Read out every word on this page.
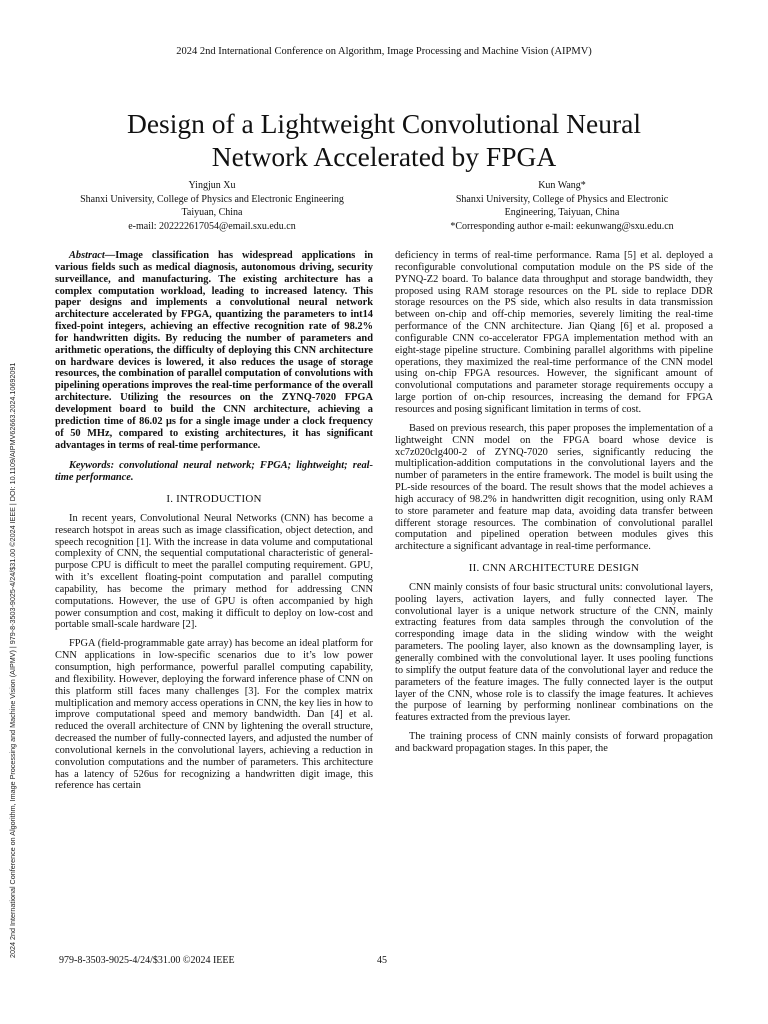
2024 2nd International Conference on Algorithm, Image Processing and Machine Vision (AIPMV)
Design of a Lightweight Convolutional Neural
Network Accelerated by FPGA
Yingjun Xu
Shanxi University, College of Physics and Electronic Engineering
Taiyuan, China
e-mail: 202222617054@email.sxu.edu.cn
Kun Wang*
Shanxi University, College of Physics and Electronic
Engineering, Taiyuan, China
*Corresponding author e-mail: eekunwang@sxu.edu.cn
2024 2nd International Conference on Algorithm, Image Processing and Machine Vision (AIPMV) | 979-8-3503-9025-4/24/$31.00 ©2024 IEEE | DOI: 10.1109/AIPMV62663.2024.10692091

Abstract—Image classification has widespread applications in various fields such as medical diagnosis, autonomous driving, security surveillance, and manufacturing. The existing architecture has a complex computation workload, leading to increased latency. This paper designs and implements a convolutional neural network architecture accelerated by FPGA, quantizing the parameters to int14 fixed-point integers, achieving an effective recognition rate of 98.2% for handwritten digits. By reducing the number of parameters and arithmetic operations, the difficulty of deploying this CNN architecture on hardware devices is lowered, it also reduces the usage of storage resources, the combination of parallel computation of convolutions with pipelining operations improves the real-time performance of the overall architecture. Utilizing the resources on the ZYNQ-7020 FPGA development board to build the CNN architecture, achieving a prediction time of 86.02 μs for a single image under a clock frequency of 50 MHz, compared to existing architectures, it has significant advantages in terms of real-time performance.

Keywords: convolutional neural network; FPGA; lightweight; real-time performance.

I. INTRODUCTION

In recent years, Convolutional Neural Networks (CNN) has become a research hotspot in areas such as image classification, object detection, and speech recognition [1]. With the increase in data volume and computational complexity of CNN, the sequential computational characteristic of general-purpose CPU is difficult to meet the parallel computing requirement. GPU, with it’s excellent floating-point computation and parallel computing capability, has become the primary method for addressing CNN computations. However, the use of GPU is often accompanied by high power consumption and cost, making it difficult to deploy on low-cost and portable small-scale hardware [2].

FPGA (field-programmable gate array) has become an ideal platform for CNN applications in low-specific scenarios due to it’s low power consumption, high performance, powerful parallel computing capability, and flexibility. However, deploying the forward inference phase of CNN on this platform still faces many challenges [3]. For the complex matrix multiplication and memory access operations in CNN, the key lies in how to improve computational speed and memory bandwidth. Dan [4] et al. reduced the overall architecture of CNN by lightening the overall structure, decreased the number of fully-connected layers, and adjusted the number of convolutional kernels in the convolutional layers, achieving a reduction in convolution computations and the number of parameters. This architecture has a latency of 526us for recognizing a handwritten digit image, this reference has certain

deficiency in terms of real-time performance. Rama [5] et al. deployed a reconfigurable convolutional computation module on the PS side of the PYNQ-Z2 board. To balance data throughput and storage bandwidth, they proposed using RAM storage resources on the PL side to replace DDR storage resources on the PS side, which also results in data transmission between on-chip and off-chip memories, severely limiting the real-time performance of the CNN architecture. Jian Qiang [6] et al. proposed a configurable CNN co-accelerator FPGA implementation method with an eight-stage pipeline structure. Combining parallel algorithms with pipeline operations, they maximized the real-time performance of the CNN model using on-chip FPGA resources. However, the significant amount of convolutional computations and parameter storage requirements occupy a large portion of on-chip resources, increasing the demand for FPGA resources and posing significant limitation in terms of cost.

Based on previous research, this paper proposes the implementation of a lightweight CNN model on the FPGA board whose device is xc7z020clg400-2 of ZYNQ-7020 series, significantly reducing the multiplication-addition computations in the convolutional layers and the number of parameters in the entire framework. The model is built using the PL-side resources of the board. The result shows that the model achieves a high accuracy of 98.2% in handwritten digit recognition, using only RAM to store parameter and feature map data, avoiding data transfer between different storage resources. The combination of convolutional parallel computation and pipelined operation between modules gives this architecture a significant advantage in real-time performance.

II. CNN ARCHITECTURE DESIGN

CNN mainly consists of four basic structural units: convolutional layers, pooling layers, activation layers, and fully connected layer. The convolutional layer is a unique network structure of the CNN, mainly extracting features from data samples through the convolution of the corresponding image data in the sliding window with the weight parameters. The pooling layer, also known as the downsampling layer, is generally combined with the convolutional layer. It uses pooling functions to simplify the output feature data of the convolutional layer and reduce the parameters of the feature images. The fully connected layer is the output layer of the CNN, whose role is to classify the image features. It achieves the purpose of learning by performing nonlinear combinations on the features extracted from the previous layer.

The training process of CNN mainly consists of forward propagation and backward propagation stages. In this paper, the

979-8-3503-9025-4/24/$31.00 ©2024 IEEE	45
